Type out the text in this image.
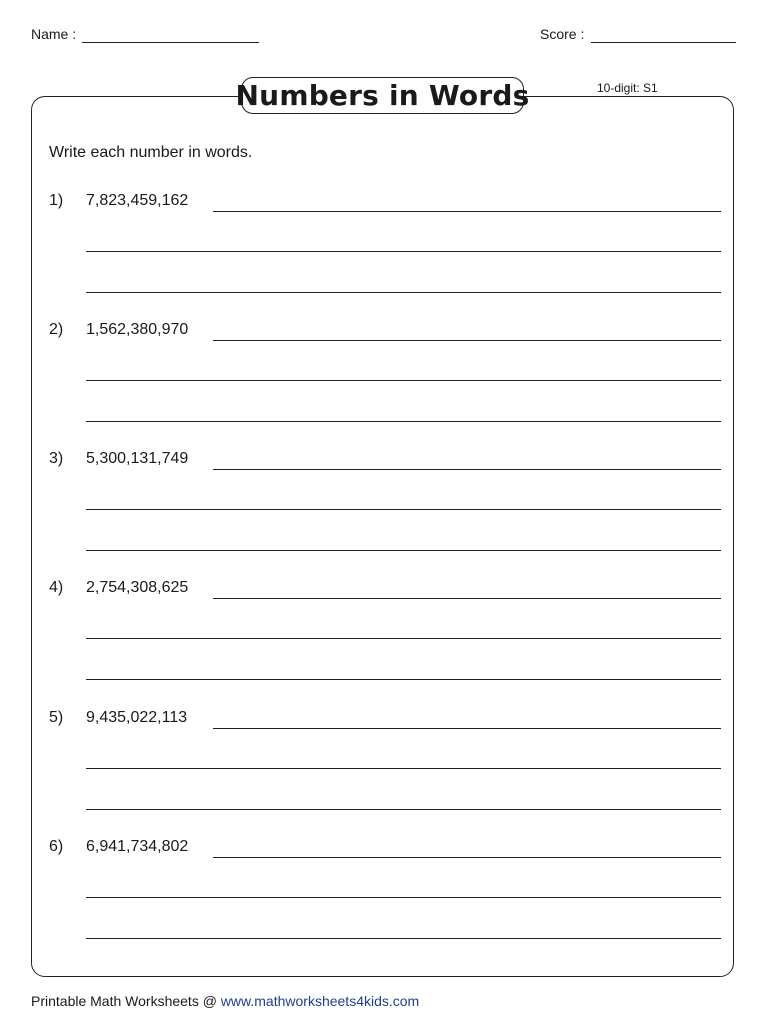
Name :	Score :
Numbers in Words	10-digit: S1
Write each number in words.
1) 7,823,459,162
2) 1,562,380,970
3) 5,300,131,749
4) 2,754,308,625
5) 9,435,022,113
6) 6,941,734,802
Printable Math Worksheets @ www.mathworksheets4kids.com
